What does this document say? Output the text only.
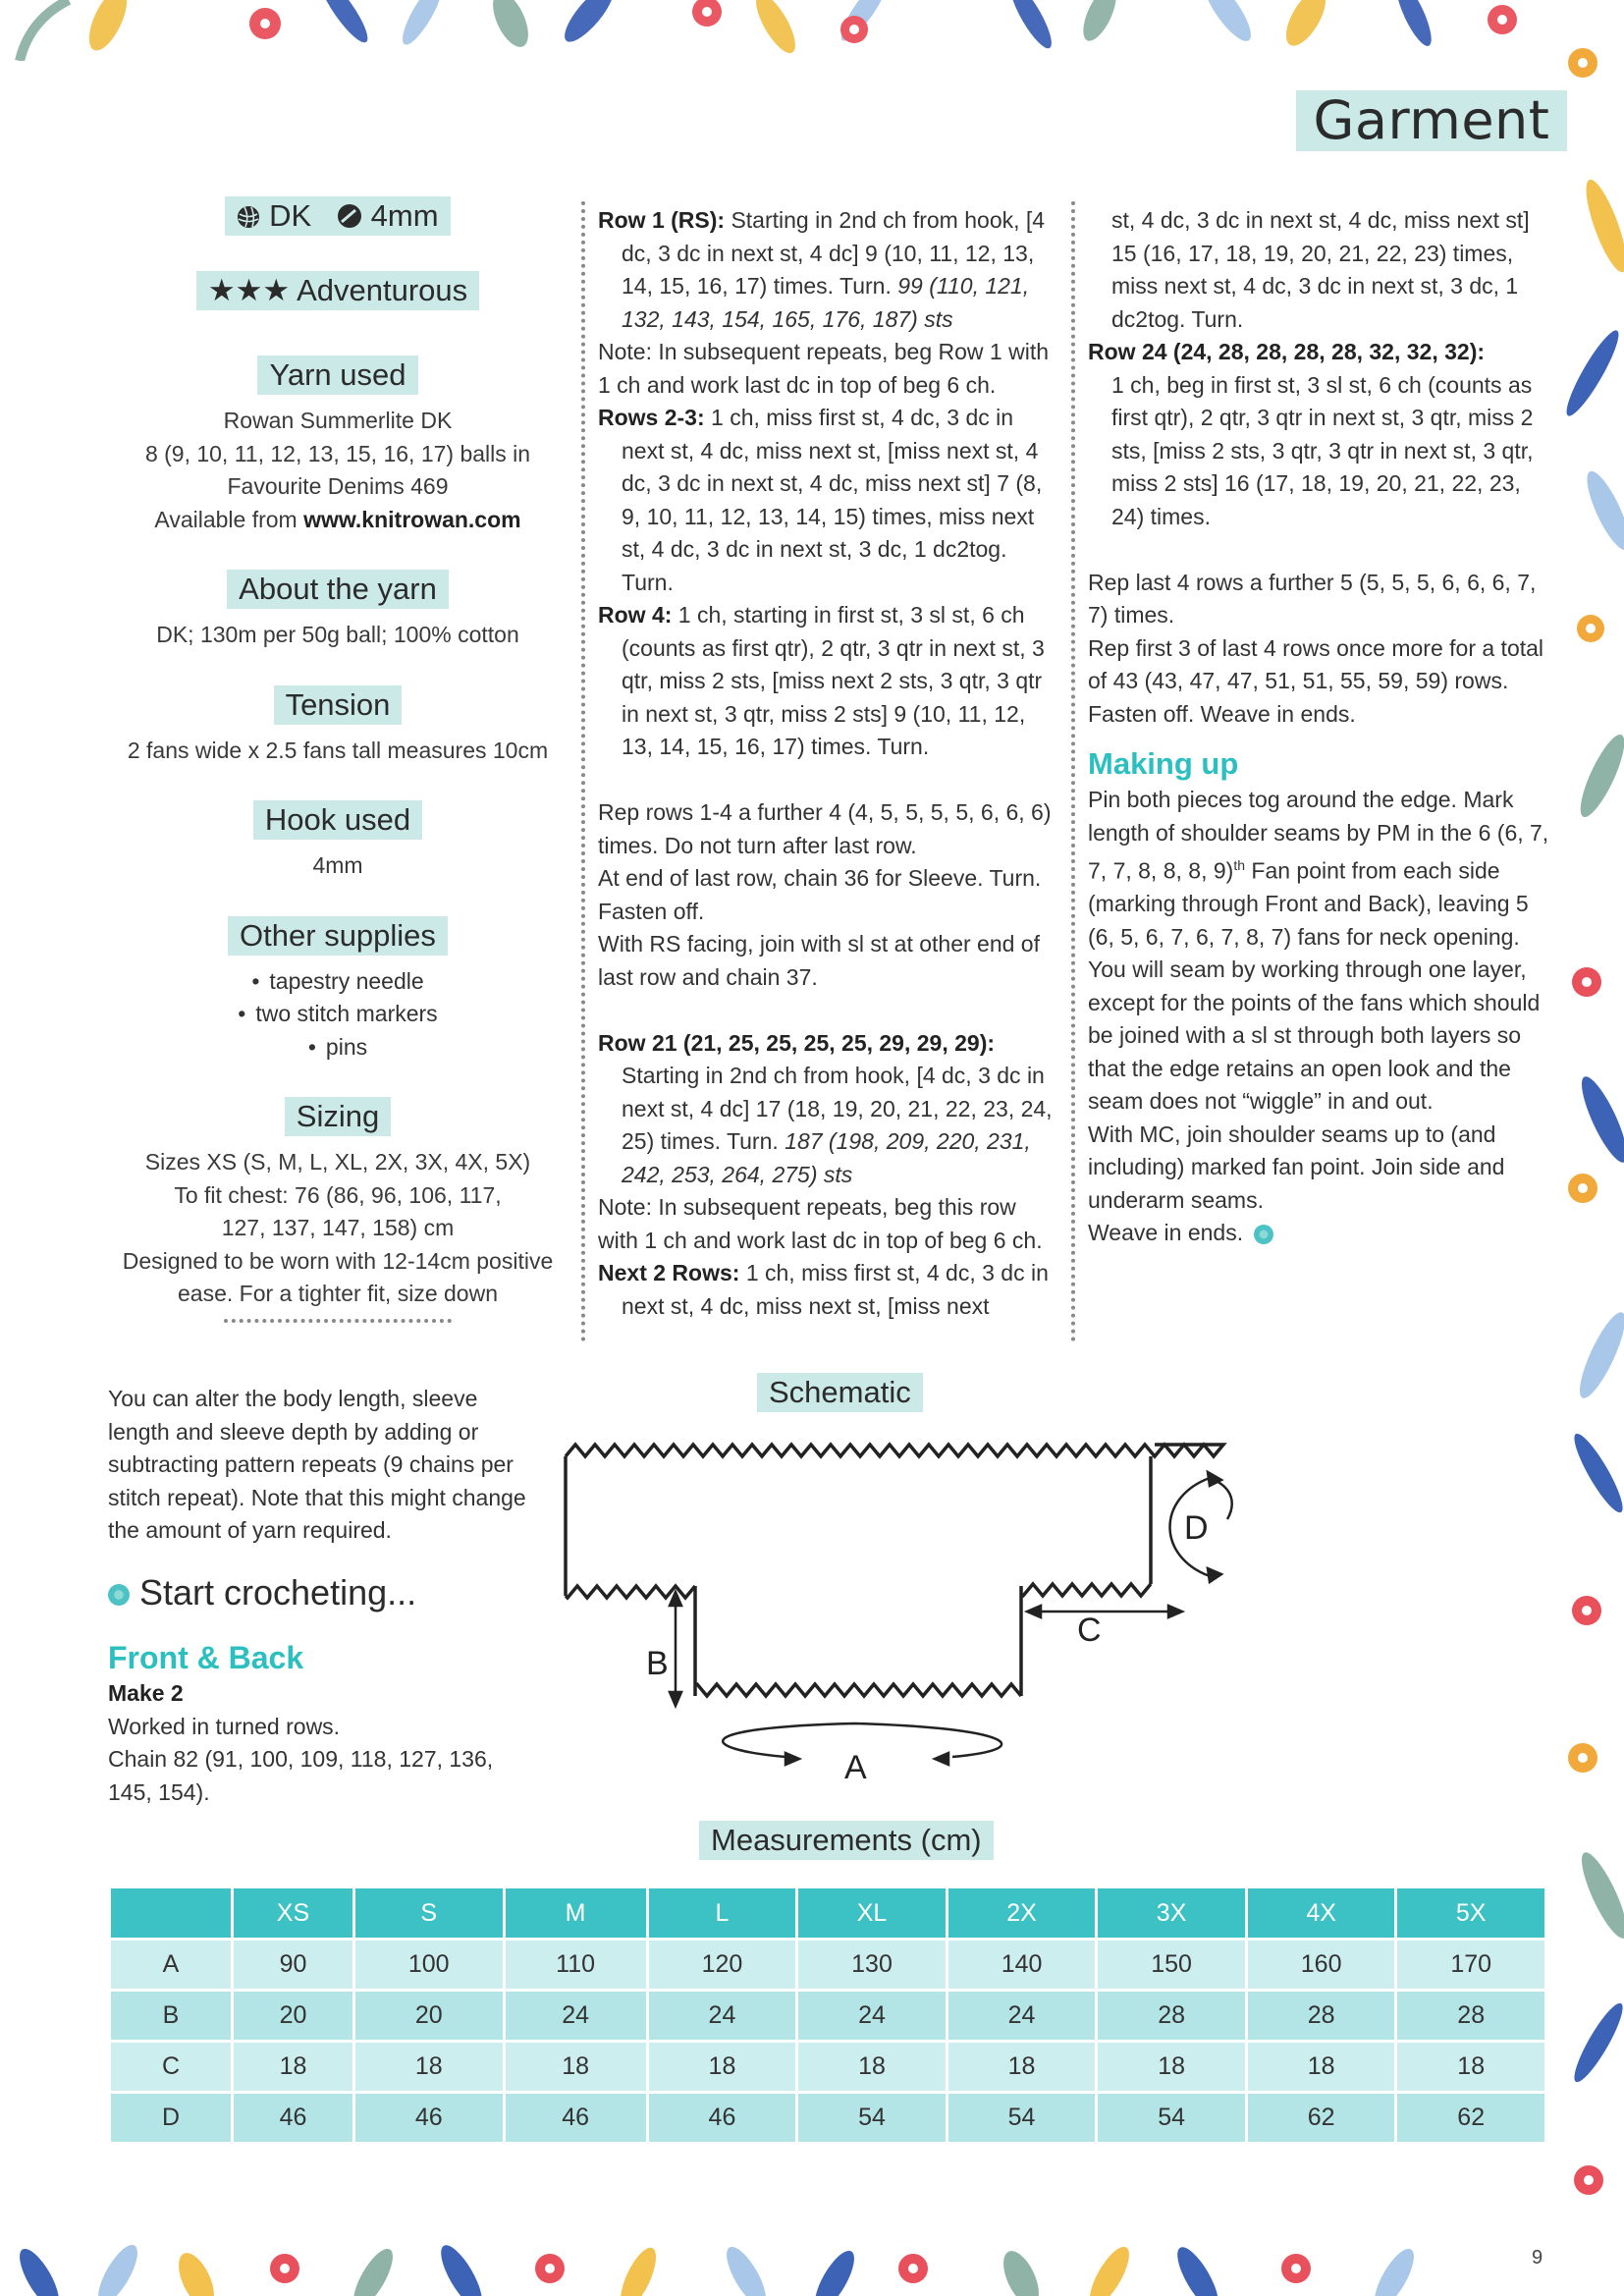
Garment
DK 4mm
★★★ Adventurous
Yarn used
Rowan Summerlite DK
8 (9, 10, 11, 12, 13, 15, 16, 17) balls in
Favourite Denims 469
Available from www.knitrowan.com
About the yarn
DK; 130m per 50g ball; 100% cotton
Tension
2 fans wide x 2.5 fans tall measures 10cm
Hook used
4mm
Other supplies
• tapestry needle
• two stitch markers
• pins
Sizing
Sizes XS (S, M, L, XL, 2X, 3X, 4X, 5X)
To fit chest: 76 (86, 96, 106, 117,
127, 137, 147, 158) cm
Designed to be worn with 12-14cm positive
ease. For a tighter fit, size down

Row 1 (RS): Starting in 2nd ch from hook, [4 dc, 3 dc in next st, 4 dc] 9 (10, 11, 12, 13, 14, 15, 16, 17) times. Turn. 99 (110, 121, 132, 143, 154, 165, 176, 187) sts

Note: In subsequent repeats, beg Row 1 with 1 ch and work last dc in top of beg 6 ch.

Rows 2-3: 1 ch, miss first st, 4 dc, 3 dc in next st, 4 dc, miss next st, [miss next st, 4 dc, 3 dc in next st, 4 dc, miss next st] 7 (8, 9, 10, 11, 12, 13, 14, 15) times, miss next st, 4 dc, 3 dc in next st, 3 dc, 1 dc2tog. Turn.

Row 4: 1 ch, starting in first st, 3 sl st, 6 ch (counts as first qtr), 2 qtr, 3 qtr in next st, 3 qtr, miss 2 sts, [miss next 2 sts, 3 qtr, 3 qtr in next st, 3 qtr, miss 2 sts] 9 (10, 11, 12, 13, 14, 15, 16, 17) times. Turn.

Rep rows 1-4 a further 4 (4, 5, 5, 5, 5, 6, 6, 6) times. Do not turn after last row.

At end of last row, chain 36 for Sleeve. Turn. Fasten off.

With RS facing, join with sl st at other end of last row and chain 37.

Row 21 (21, 25, 25, 25, 25, 29, 29, 29):

Starting in 2nd ch from hook, [4 dc, 3 dc in next st, 4 dc] 17 (18, 19, 20, 21, 22, 23, 24, 25) times. Turn. 187 (198, 209, 220, 231, 242, 253, 264, 275) sts

Note: In subsequent repeats, beg this row with 1 ch and work last dc in top of beg 6 ch.

Next 2 Rows: 1 ch, miss first st, 4 dc, 3 dc in next st, 4 dc, miss next st, [miss next

st, 4 dc, 3 dc in next st, 4 dc, miss next st] 15 (16, 17, 18, 19, 20, 21, 22, 23) times, miss next st, 4 dc, 3 dc in next st, 3 dc, 1 dc2tog. Turn.

Row 24 (24, 28, 28, 28, 28, 32, 32, 32):

1 ch, beg in first st, 3 sl st, 6 ch (counts as first qtr), 2 qtr, 3 qtr in next st, 3 qtr, miss 2 sts, [miss 2 sts, 3 qtr, 3 qtr in next st, 3 qtr, miss 2 sts] 16 (17, 18, 19, 20, 21, 22, 23, 24) times.

Rep last 4 rows a further 5 (5, 5, 5, 6, 6, 6, 7, 7) times.

Rep first 3 of last 4 rows once more for a total of 43 (43, 47, 47, 51, 51, 55, 59, 59) rows.

Fasten off. Weave in ends.

Making up

Pin both pieces tog around the edge. Mark length of shoulder seams by PM in the 6 (6, 7, 7, 7, 8, 8, 8, 9)$^{th}$ Fan point from each side (marking through Front and Back), leaving 5 (6, 5, 6, 7, 6, 7, 8, 7) fans for neck opening. You will seam by working through one layer, except for the points of the fans which should be joined with a sl st through both layers so that the edge retains an open look and the seam does not “wiggle” in and out.

With MC, join shoulder seams up to (and including) marked fan point. Join side and underarm seams.

Weave in ends.

You can alter the body length, sleeve length and sleeve depth by adding or subtracting pattern repeats (9 chains per stitch repeat). Note that this might change the amount of yarn required.
Start crocheting...
Front & Back
Make 2
Worked in turned rows.
Chain 82 (91, 100, 109, 118, 127, 136, 145, 154).
Schematic
B
C
A
D
Measurements (cm)
	XS	S	M	L	XL	2X	3X	4X	5X
A	90	100	110	120	130	140	150	160	170
B	20	20	24	24	24	24	28	28	28
C	18	18	18	18	18	18	18	18	18
D	46	46	46	46	54	54	54	62	62
9
